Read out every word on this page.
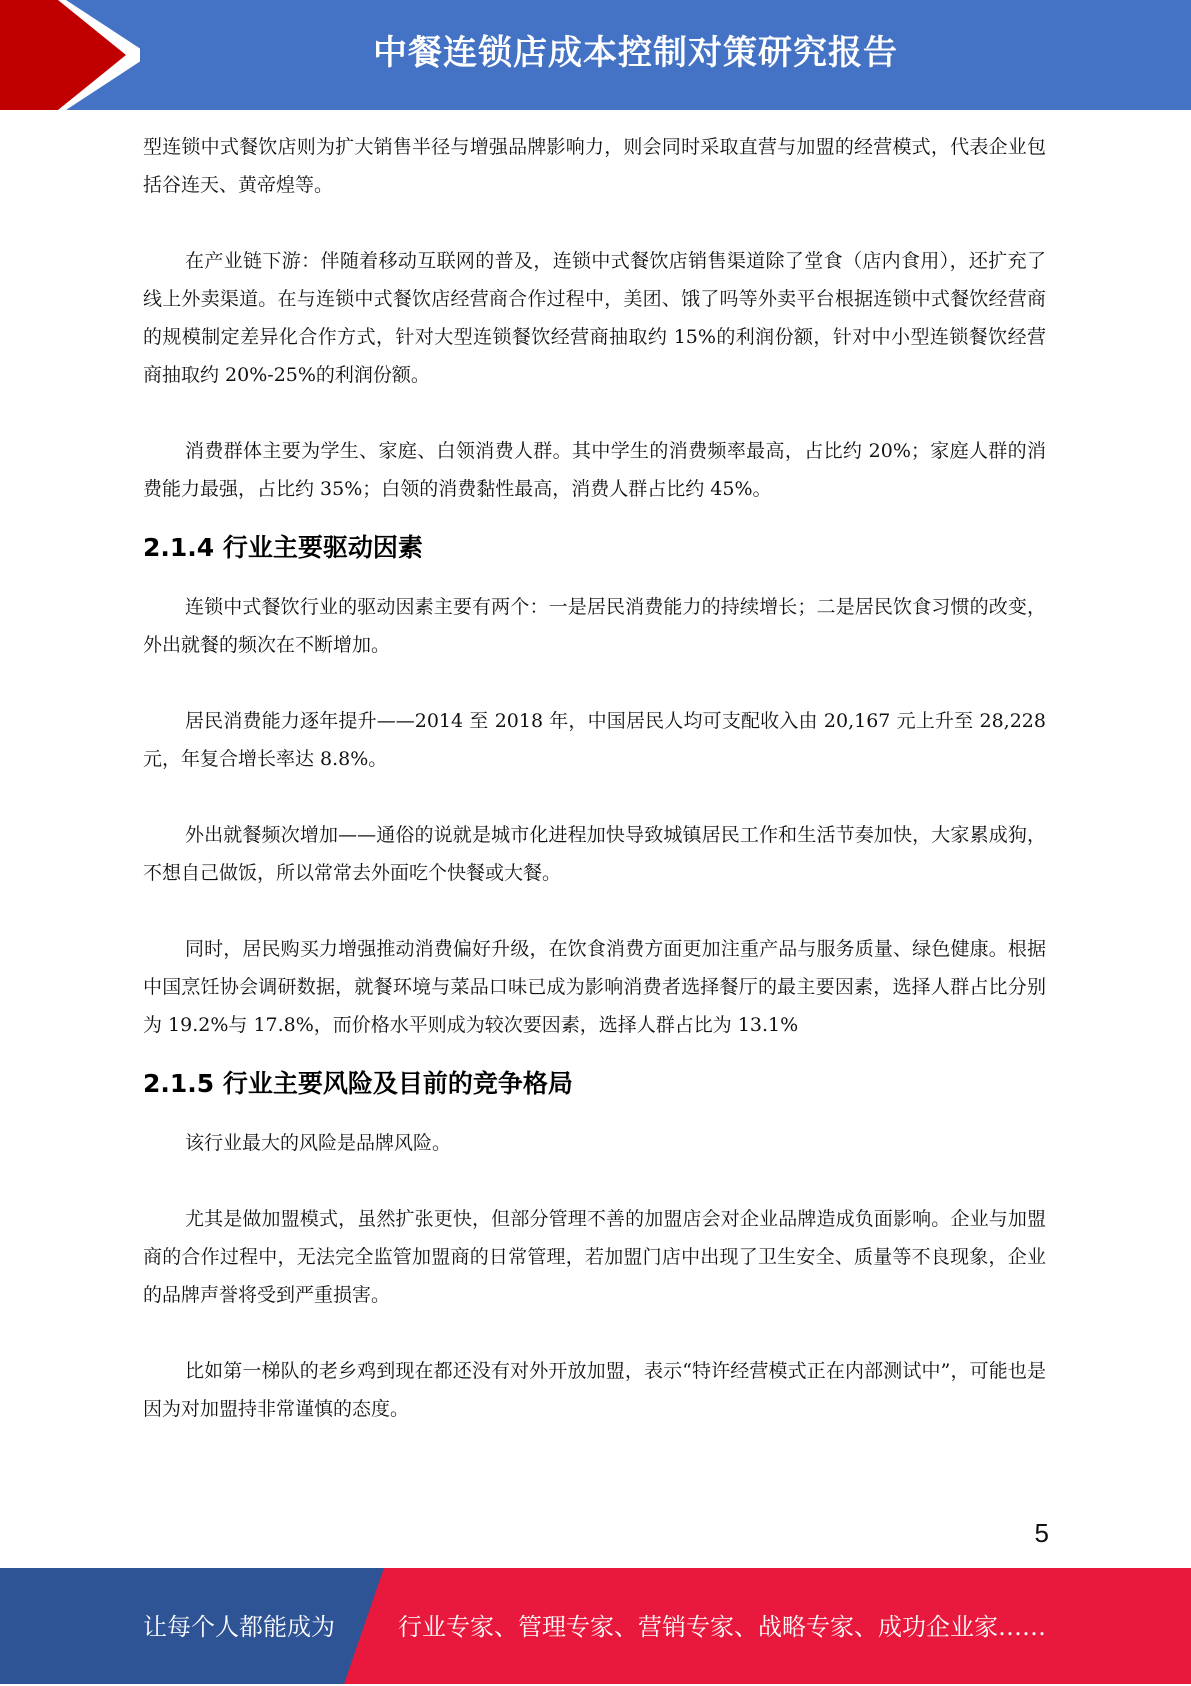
中餐连锁店成本控制对策研究报告

型连锁中式餐饮店则为扩大销售半径与增强品牌影响力，则会同时采取直营与加盟的经营模式，代表企业包括谷连天、黄帝煌等。

在产业链下游：伴随着移动互联网的普及，连锁中式餐饮店销售渠道除了堂食（店内食用），还扩充了线上外卖渠道。在与连锁中式餐饮店经营商合作过程中，美团、饿了吗等外卖平台根据连锁中式餐饮经营商的规模制定差异化合作方式，针对大型连锁餐饮经营商抽取约 15%的利润份额，针对中小型连锁餐饮经营商抽取约 20%-25%的利润份额。

消费群体主要为学生、家庭、白领消费人群。其中学生的消费频率最高，占比约 20%；家庭人群的消费能力最强，占比约 35%；白领的消费黏性最高，消费人群占比约 45%。

2.1.4 行业主要驱动因素

连锁中式餐饮行业的驱动因素主要有两个：一是居民消费能力的持续增长；二是居民饮食习惯的改变，外出就餐的频次在不断增加。

居民消费能力逐年提升——2014 至 2018 年，中国居民人均可支配收入由 20,167 元上升至 28,228 元，年复合增长率达 8.8%。

外出就餐频次增加——通俗的说就是城市化进程加快导致城镇居民工作和生活节奏加快，大家累成狗，不想自己做饭，所以常常去外面吃个快餐或大餐。

同时，居民购买力增强推动消费偏好升级，在饮食消费方面更加注重产品与服务质量、绿色健康。根据中国烹饪协会调研数据，就餐环境与菜品口味已成为影响消费者选择餐厅的最主要因素，选择人群占比分别为 19.2%与 17.8%，而价格水平则成为较次要因素，选择人群占比为 13.1%

2.1.5 行业主要风险及目前的竞争格局

该行业最大的风险是品牌风险。

尤其是做加盟模式，虽然扩张更快，但部分管理不善的加盟店会对企业品牌造成负面影响。企业与加盟商的合作过程中，无法完全监管加盟商的日常管理，若加盟门店中出现了卫生安全、质量等不良现象，企业的品牌声誉将受到严重损害。

比如第一梯队的老乡鸡到现在都还没有对外开放加盟，表示“特许经营模式正在内部测试中”，可能也是因为对加盟持非常谨慎的态度。

5
让每个人都能成为	行业专家、管理专家、营销专家、战略专家、成功企业家……
